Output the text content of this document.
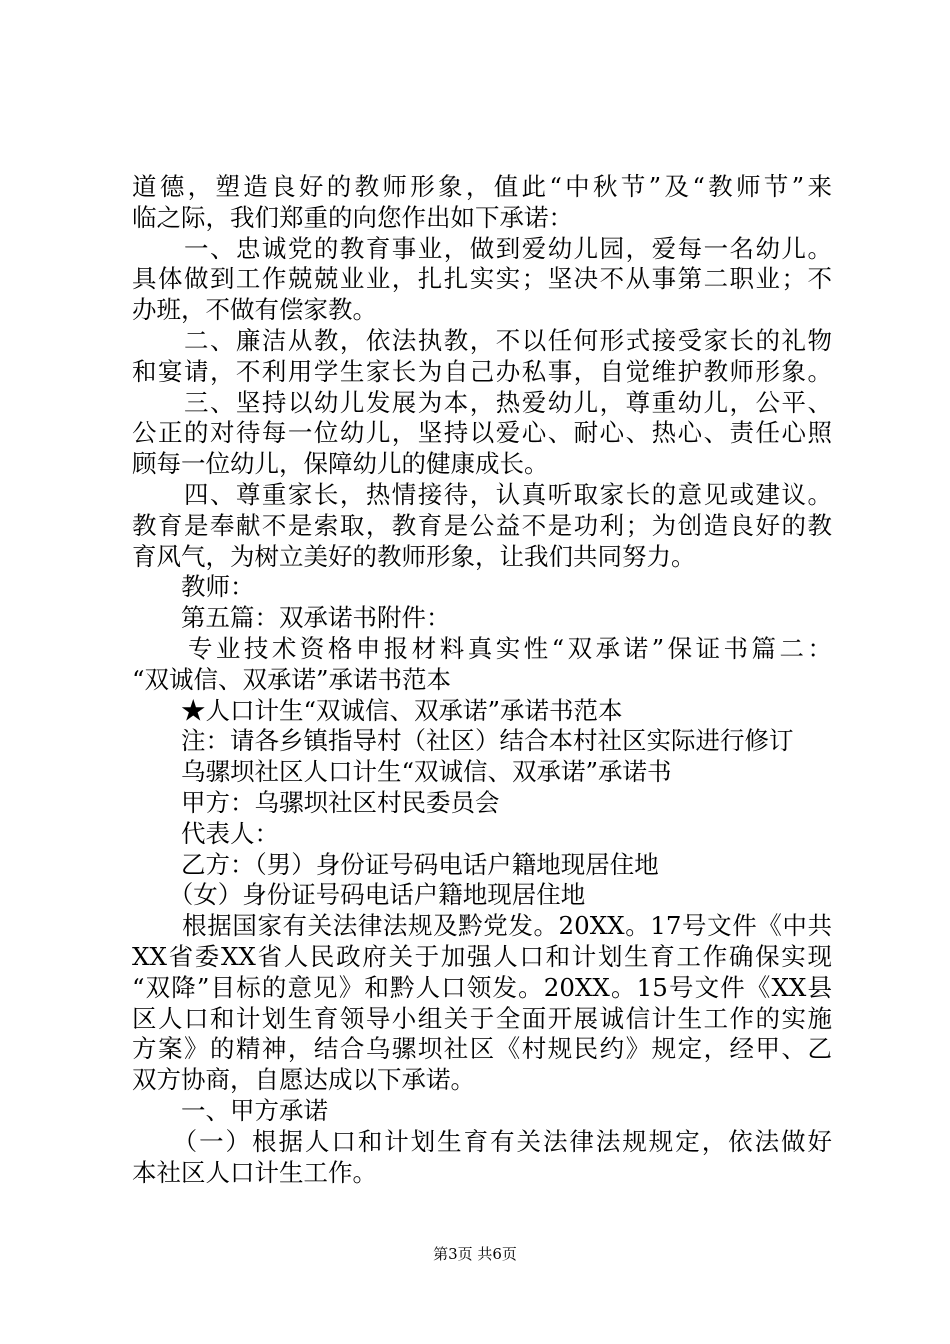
道德，塑造良好的教师形象，值此“中秋节”及“教师节”来
临之际，我们郑重的向您作出如下承诺：
　　一、忠诚党的教育事业，做到爱幼儿园，爱每一名幼儿。
具体做到工作兢兢业业，扎扎实实；坚决不从事第二职业；不
办班，不做有偿家教。
　　二、廉洁从教，依法执教，不以任何形式接受家长的礼物
和宴请，不利用学生家长为自己办私事，自觉维护教师形象。
　　三、坚持以幼儿发展为本，热爱幼儿，尊重幼儿，公平、
公正的对待每一位幼儿，坚持以爱心、耐心、热心、责任心照
顾每一位幼儿，保障幼儿的健康成长。
　　四、尊重家长，热情接待，认真听取家长的意见或建议。
教育是奉献不是索取，教育是公益不是功利；为创造良好的教
育风气，为树立美好的教师形象，让我们共同努力。
　　教师：
　　第五篇：双承诺书附件：
　　专业技术资格申报材料真实性“双承诺”保证书篇二：
“双诚信、双承诺”承诺书范本
　　★人口计生“双诚信、双承诺”承诺书范本
　　注：请各乡镇指导村（社区）结合本村社区实际进行修订
　　乌骡坝社区人口计生“双诚信、双承诺”承诺书
　　甲方：乌骡坝社区村民委员会
　　代表人：
　　乙方：（男）身份证号码电话户籍地现居住地
　　（女）身份证号码电话户籍地现居住地
　　根据国家有关法律法规及黔党发。20XX。17号文件《中共
XX省委XX省人民政府关于加强人口和计划生育工作确保实现
“双降”目标的意见》和黔人口领发。20XX。15号文件《XX县
区人口和计划生育领导小组关于全面开展诚信计生工作的实施
方案》的精神，结合乌骡坝社区《村规民约》规定，经甲、乙
双方协商，自愿达成以下承诺。
　　一、甲方承诺
　　（一）根据人口和计划生育有关法律法规规定，依法做好
本社区人口计生工作。
第3页 共6页
